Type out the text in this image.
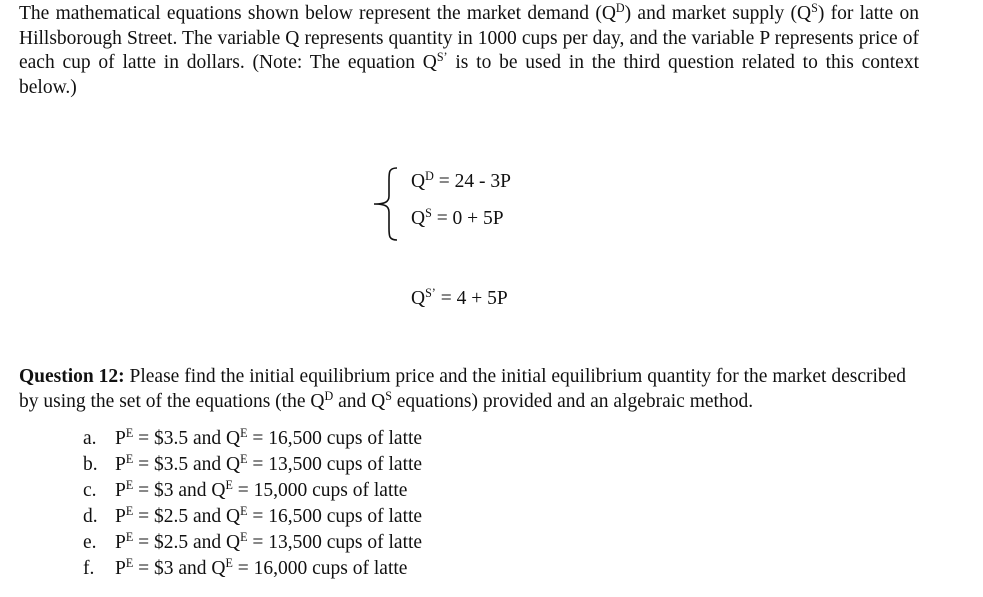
The mathematical equations shown below represent the market demand $(Q^D)$ and market supply $(Q^S)$ for latte on Hillsborough Street. The variable Q represents quantity in 1000 cups per day, and the variable P represents price of each cup of latte in dollars. (Note: The equation $Q^{S’}$ is to be used in the third question related to this context below.)

$Q^D = 24 - 3P$
$Q^S = 0 + 5P$
$Q^{S’} = 4 + 5P$

Question 12: Please find the initial equilibrium price and the initial equilibrium quantity for the market described by using the set of the equations (the $Q^D$ and $Q^S$ equations) provided and an algebraic method.

a. $P^E$ = $3.5 and $Q^E = 16,500$ cups of latte
b. $P^E$ = $3.5 and $Q^E = 13,500$ cups of latte
c. $P^E$ = $3 and $Q^E = 15,000$ cups of latte
d. $P^E$ = $2.5 and $Q^E = 16,500$ cups of latte
e. $P^E$ = $2.5 and $Q^E = 13,500$ cups of latte
f.	$P^E$ = $3 and $Q^E = 16,000$ cups of latte
